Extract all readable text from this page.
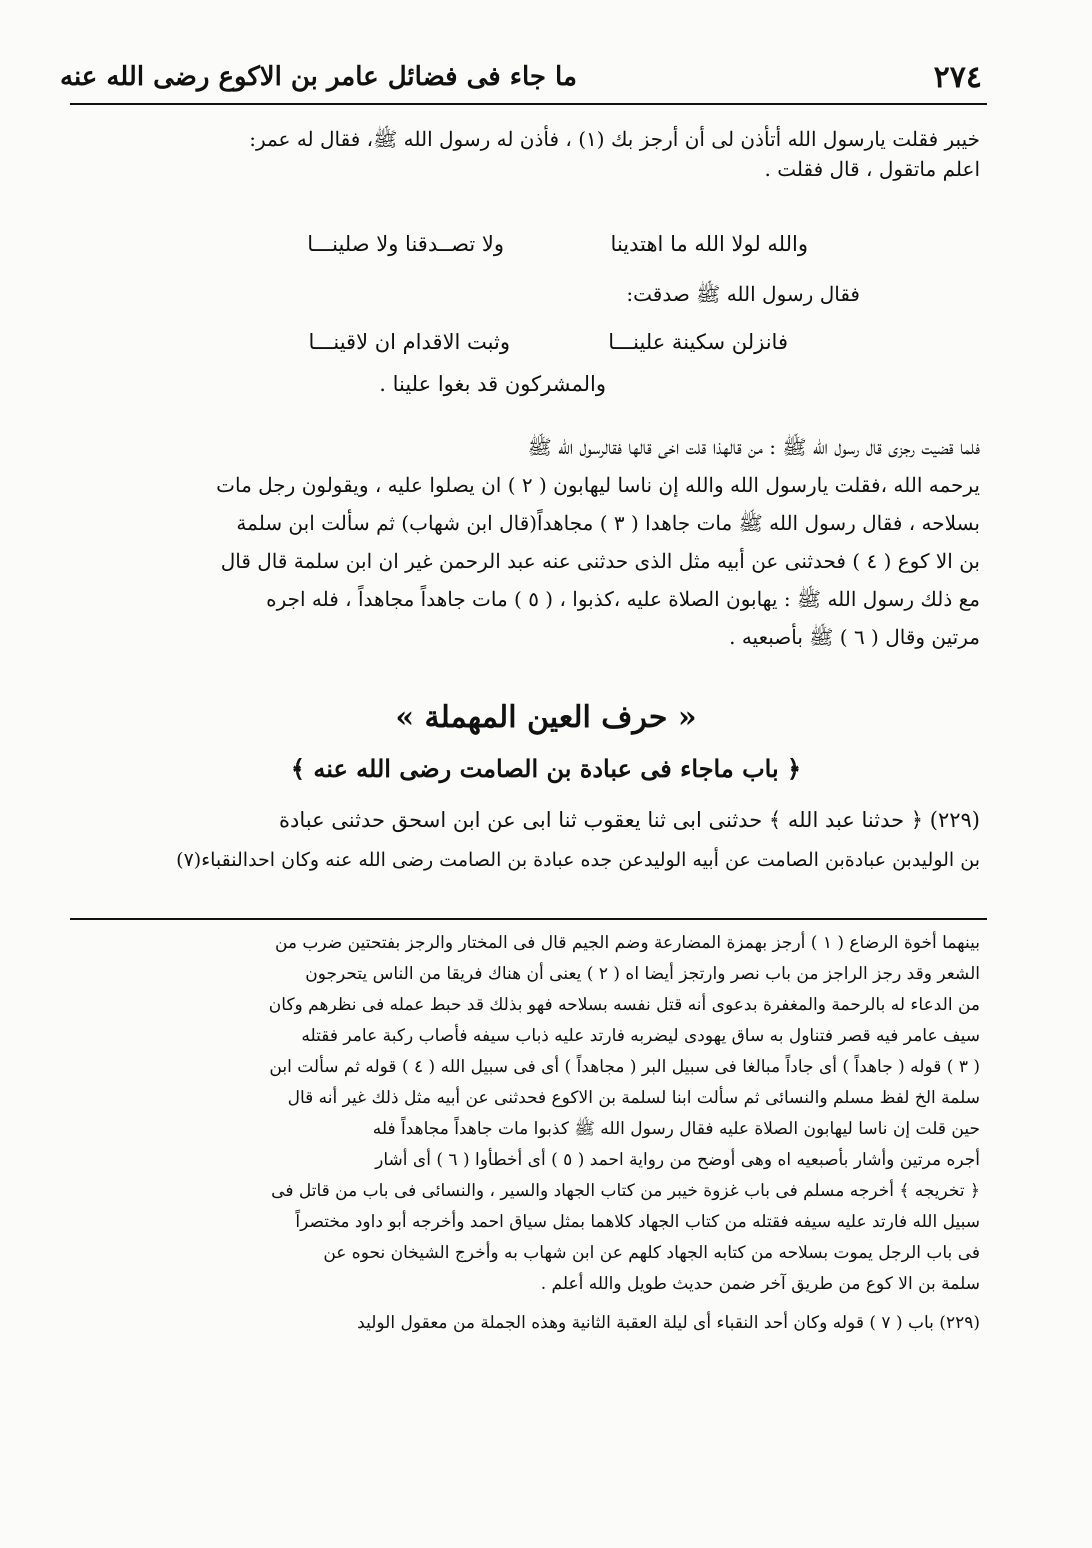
٢٧٤
ما جاء فى فضائل عامر بن الاكوع رضى الله عنه
خيبر فقلت يارسول الله أتأذن لى أن أرجز بك (١) ، فأذن له رسول الله ﷺ، فقال له عمر:
اعلم ماتقول ، قال فقلت .
والله لولا الله ما اهتدينا
ولا تصــدقنا ولا صلينـــا
فقال رسول الله ﷺ صدقت:
فانزلن سكينة علينـــا
وثبت الاقدام ان لاقينـــا
والمشركون قد بغوا علينا .
فلما قضيت رجزى قال رسول الله ﷺ : من قالهذا قلت اخى قالها فقالرسول الله ﷺ
يرحمه الله ،فقلت يارسول الله والله إن ناسا ليهابون ( ٢ ) ان يصلوا عليه ، ويقولون رجل مات
بسلاحه ، فقال رسول الله ﷺ مات جاهدا ( ٣ ) مجاهداً(قال ابن شهاب) ثم سألت ابن سلمة
بن الا كوع ( ٤ ) فحدثنى عن أبيه مثل الذى حدثنى عنه عبد الرحمن غير ان ابن سلمة قال قال
مع ذلك رسول الله ﷺ : يهابون الصلاة عليه ،كذبوا ، ( ٥ ) مات جاهداً مجاهداً ، فله اجره
مرتين وقال ( ٦ ) ﷺ بأصبعيه .
« حرف العين المهملة »
﴿ باب ماجاء فى عبادة بن الصامت رضى الله عنه ﴾
(٢٢٩) ﴿ حدثنا عبد الله ﴾ حدثنى ابى ثنا يعقوب ثنا ابى عن ابن اسحق حدثنى عبادة
بن الوليدبن عبادةبن الصامت عن أبيه الوليدعن جده عبادة بن الصامت رضى الله عنه وكان احدالنقباء(٧)
بينهما أخوة الرضاع ( ١ ) أرجز بهمزة المضارعة وضم الجيم قال فى المختار والرجز بفتحتين ضرب من
الشعر وقد رجز الراجز من باب نصر وارتجز أيضا اه ( ٢ ) يعنى أن هناك فريقا من الناس يتحرجون
من الدعاء له بالرحمة والمغفرة بدعوى أنه قتل نفسه بسلاحه فهو بذلك قد حبط عمله فى نظرهم وكان
سيف عامر فيه قصر فتناول به ساق يهودى ليضربه فارتد عليه ذباب سيفه فأصاب ركبة عامر فقتله
( ٣ ) قوله ( جاهداً ) أى جاداً مبالغا فى سبيل البر ( مجاهداً ) أى فى سبيل الله ( ٤ ) قوله ثم سألت ابن
سلمة الخ لفظ مسلم والنسائى ثم سألت ابنا لسلمة بن الاكوع فحدثنى عن أبيه مثل ذلك غير أنه قال
حين قلت إن ناسا ليهابون الصلاة عليه فقال رسول الله ﷺ كذبوا مات جاهداً مجاهداً فله
أجره مرتين وأشار بأصبعيه اه وهى أوضح من رواية احمد ( ٥ ) أى أخطأوا ( ٦ ) أى أشار
﴿ تخريجه ﴾ أخرجه مسلم فى باب غزوة خيبر من كتاب الجهاد والسير ، والنسائى فى باب من قاتل فى
سبيل الله فارتد عليه سيفه فقتله من كتاب الجهاد كلاهما بمثل سياق احمد وأخرجه أبو داود مختصراً
فى باب الرجل يموت بسلاحه من كتابه الجهاد كلهم عن ابن شهاب به وأخرج الشيخان نحوه عن
سلمة بن الا كوع من طريق آخر ضمن حديث طويل والله أعلم .
(٢٢٩) باب ( ٧ ) قوله وكان أحد النقباء أى ليلة العقبة الثانية وهذه الجملة من معقول الوليد
